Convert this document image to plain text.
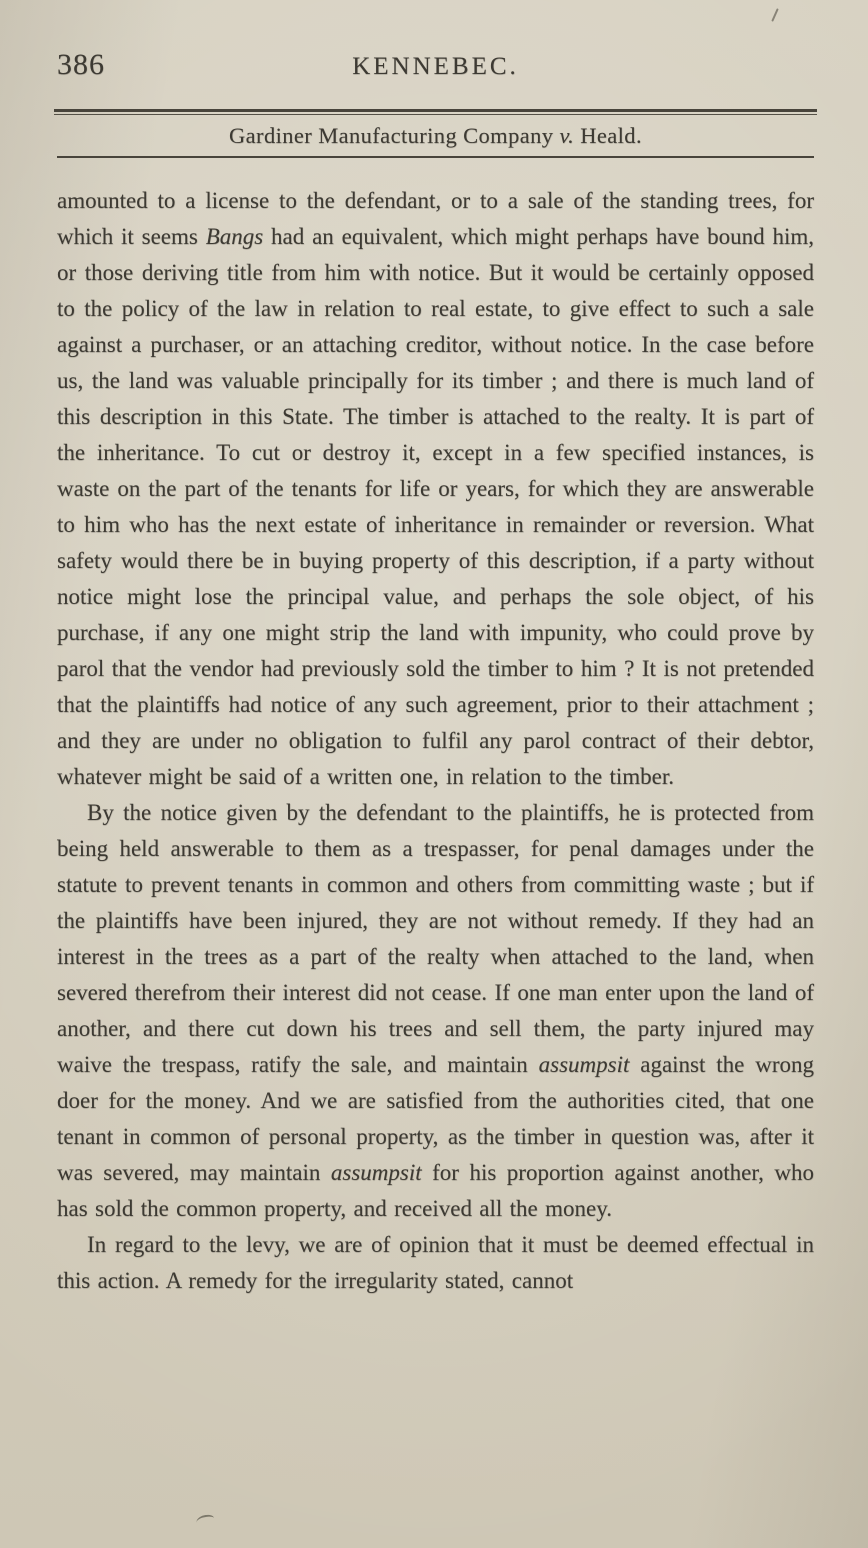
386	KENNEBEC.
Gardiner Manufacturing Company v. Heald.

amounted to a license to the defendant, or to a sale of the standing trees, for which it seems Bangs had an equivalent, which might perhaps have bound him, or those deriving title from him with notice. But it would be certainly opposed to the policy of the law in relation to real estate, to give effect to such a sale against a purchaser, or an attaching creditor, without notice. In the case before us, the land was valuable principally for its timber ; and there is much land of this description in this State. The timber is attached to the realty. It is part of the inheritance. To cut or destroy it, except in a few specified instances, is waste on the part of the tenants for life or years, for which they are answerable to him who has the next estate of inheritance in remainder or reversion. What safety would there be in buying property of this description, if a party without notice might lose the principal value, and perhaps the sole object, of his purchase, if any one might strip the land with impunity, who could prove by parol that the vendor had previously sold the timber to him ? It is not pretended that the plaintiffs had notice of any such agreement, prior to their attachment ; and they are under no obligation to fulfil any parol contract of their debtor, whatever might be said of a written one, in relation to the timber.

By the notice given by the defendant to the plaintiffs, he is protected from being held answerable to them as a trespasser, for penal damages under the statute to prevent tenants in common and others from committing waste ; but if the plaintiffs have been injured, they are not without remedy. If they had an interest in the trees as a part of the realty when attached to the land, when severed therefrom their interest did not cease. If one man enter upon the land of another, and there cut down his trees and sell them, the party injured may waive the trespass, ratify the sale, and maintain assumpsit against the wrong doer for the money. And we are satisfied from the authorities cited, that one tenant in common of personal property, as the timber in question was, after it was severed, may maintain assumpsit for his proportion against another, who has sold the common property, and received all the money.

In regard to the levy, we are of opinion that it must be deemed effectual in this action. A remedy for the irregularity stated, cannot
